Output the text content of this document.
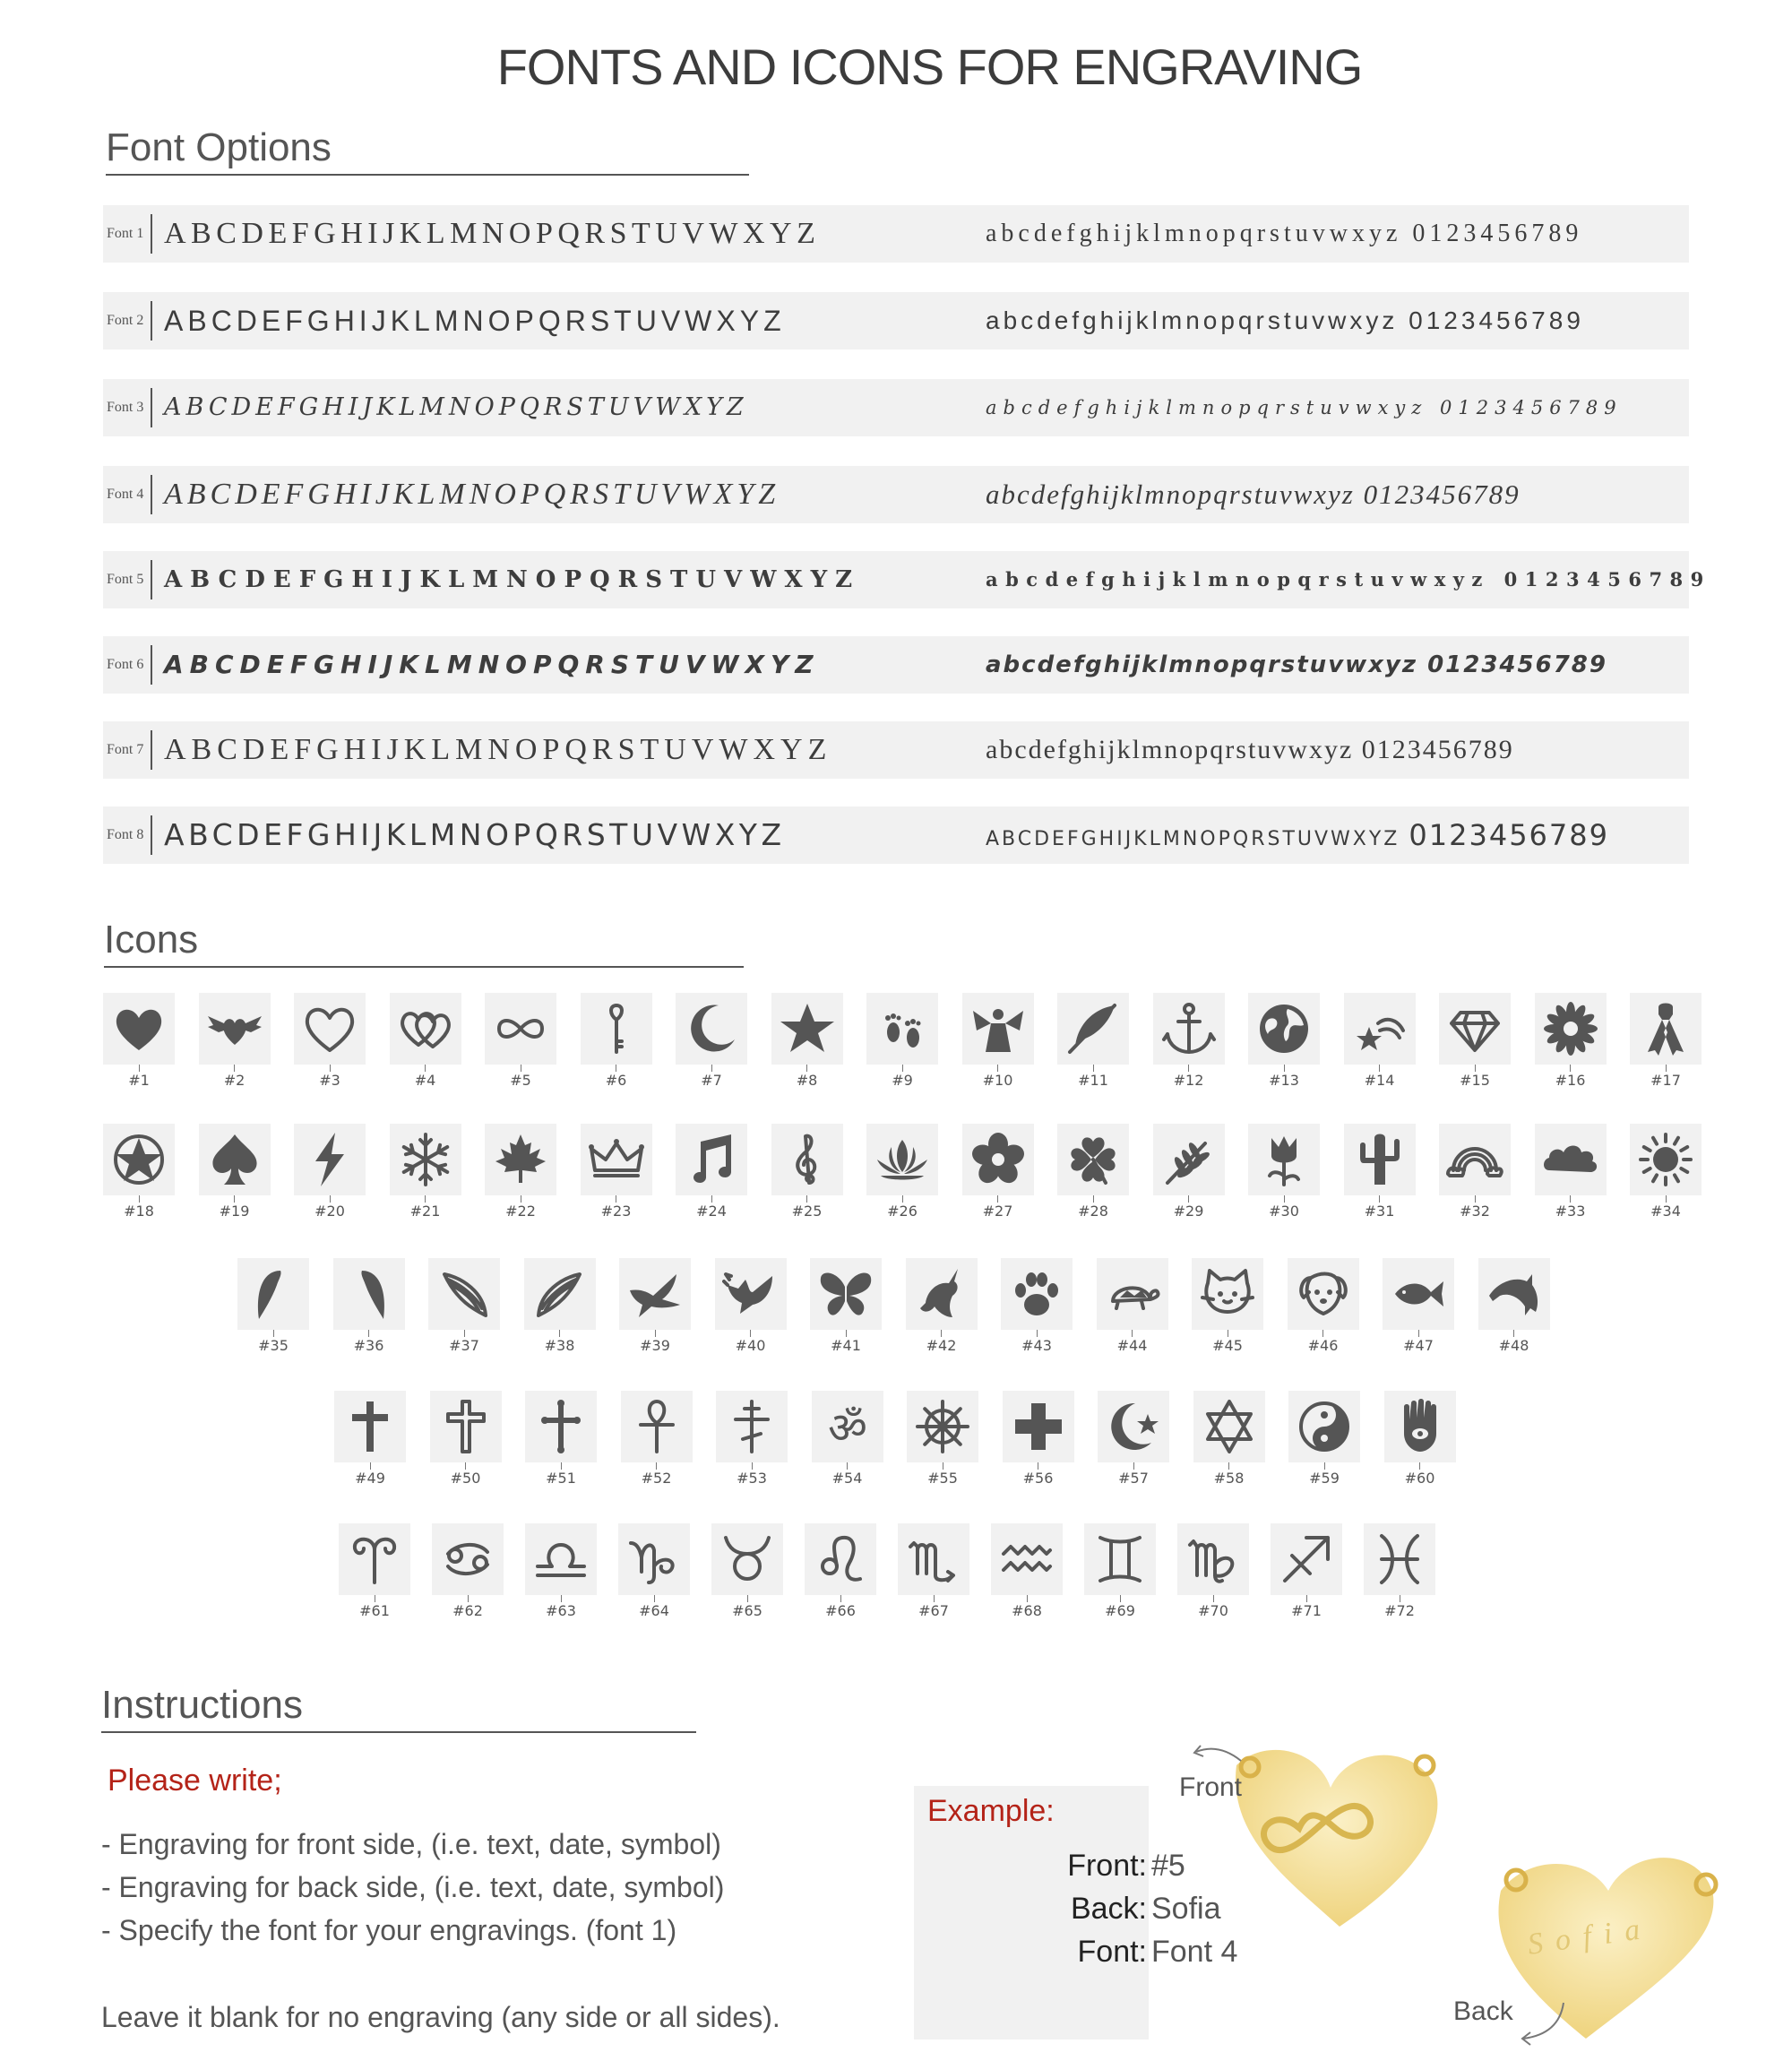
FONTS AND ICONS FOR ENGRAVING
Font Options
Font 1 ABCDEFGHIJKLMNOPQRSTUVWXYZ	abcdefghijklmnopqrstuvwxyz 0123456789
Font 2 ABCDEFGHIJKLMNOPQRSTUVWXYZ	abcdefghijklmnopqrstuvwxyz 0123456789
Font 3 ABCDEFGHIJKLMNOPQRSTUVWXYZ	abcdefghijklmnopqrstuvwxyz 0123456789
Font 4 ABCDEFGHIJKLMNOPQRSTUVWXYZ	abcdefghijklmnopqrstuvwxyz 0123456789
Font 5 ABCDEFGHIJKLMNOPQRSTUVWXYZ	abcdefghijklmnopqrstuvwxyz 0123456789
Font 6 ABCDEFGHIJKLMNOPQRSTUVWXYZ	abcdefghijklmnopqrstuvwxyz 0123456789
Font 7 ABCDEFGHIJKLMNOPQRSTUVWXYZ	abcdefghijklmnopqrstuvwxyz 0123456789
Font 8 ABCDEFGHIJKLMNOPQRSTUVWXYZ	ABCDEFGHIJKLMNOPQRSTUVWXYZ 0123456789
Icons
#1	#2	#3	#4	#5	#6	#7	#8	#9	#10	#11	#12	#13	#14	#15	#16	#17
#18	#19	#20	#21	#22	#23	#24	#25	#26	#27	#28	#29	#30	#31	#32	#33	#34
#35	#36	#37	#38	#39	#40	#41	#42	#43	#44	#45	#46	#47	#48
#49	#50	#51	#52	#53
ॐ
#54	#55	#56	#57	#58	#59	#60
#61	#62	#63	#64	#65	#66	#67	#68	#69	#70	#71	#72
Instructions
Please write;
- Engraving for front side, (i.e. text, date, symbol)
- Engraving for back side, (i.e. text, date, symbol)
- Specify the font for your engravings. (font 1)
Leave it blank for no engraving (any side or all sides).
Example:
Front: #5
Back: Sofia
Font: Font 4	Sofia
Front
Back
